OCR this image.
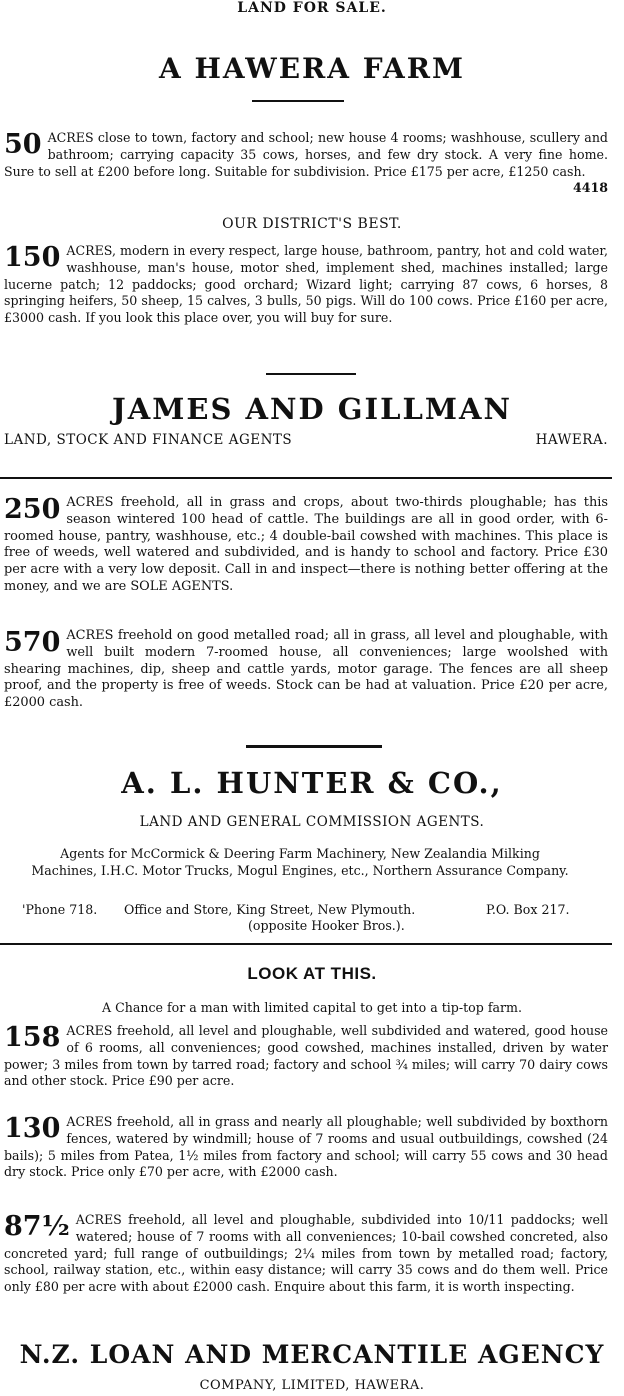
LAND FOR SALE.
A HAWERA FARM
50 ACRES close to town, factory and school; new house 4 rooms; washhouse, scullery and bathroom; carrying capacity 35 cows, horses, and few dry stock. A very fine home. Sure to sell at £200 before long. Suitable for subdivision. Price £175 per acre, £1250 cash.
4418
OUR DISTRICT'S BEST.
150 ACRES, modern in every respect, large house, bathroom, pantry, hot and cold water, washhouse, man's house, motor shed, implement shed, machines installed; large lucerne patch; 12 paddocks; good orchard; Wizard light; carrying 87 cows, 6 horses, 8 springing heifers, 50 sheep, 15 calves, 3 bulls, 50 pigs. Will do 100 cows. Price £160 per acre, £3000 cash. If you look this place over, you will buy for sure.
JAMES AND GILLMAN
LAND, STOCK AND FINANCE AGENTS	HAWERA.
250 ACRES freehold, all in grass and crops, about two-thirds ploughable; has this season wintered 100 head of cattle. The buildings are all in good order, with 6-roomed house, pantry, washhouse, etc.; 4 double-bail cowshed with machines. This place is free of weeds, well watered and subdivided, and is handy to school and factory. Price £30 per acre with a very low deposit. Call in and inspect—there is nothing better offering at the money, and we are SOLE AGENTS.
570 ACRES freehold on good metalled road; all in grass, all level and ploughable, with well built modern 7-roomed house, all conveniences; large woolshed with shearing machines, dip, sheep and cattle yards, motor garage. The fences are all sheep proof, and the property is free of weeds. Stock can be had at valuation. Price £20 per acre, £2000 cash.
A. L. HUNTER & CO.,
LAND AND GENERAL COMMISSION AGENTS.
Agents for McCormick & Deering Farm Machinery, New Zealandia Milking Machines, I.H.C. Motor Trucks, Mogul Engines, etc., Northern Assurance Company.
'Phone 718. Office and Store, King Street, New Plymouth.	P.O. Box 217.
(opposite Hooker Bros.).
LOOK AT THIS.
A Chance for a man with limited capital to get into a tip-top farm.
158 ACRES freehold, all level and ploughable, well subdivided and watered, good house of 6 rooms, all conveniences; good cowshed, machines installed, driven by water power; 3 miles from town by tarred road; factory and school ¾ miles; will carry 70 dairy cows and other stock. Price £90 per acre.
130 ACRES freehold, all in grass and nearly all ploughable; well subdivided by boxthorn fences, watered by windmill; house of 7 rooms and usual outbuildings, cowshed (24 bails); 5 miles from Patea, 1½ miles from factory and school; will carry 55 cows and 30 head dry stock. Price only £70 per acre, with £2000 cash.
87½ ACRES freehold, all level and ploughable, subdivided into 10/11 paddocks; well watered; house of 7 rooms with all conveniences; 10-bail cowshed concreted, also concreted yard; full range of outbuildings; 2¼ miles from town by metalled road; factory, school, railway station, etc., within easy distance; will carry 35 cows and do them well. Price only £80 per acre with about £2000 cash. Enquire about this farm, it is worth inspecting.
N.Z. LOAN AND MERCANTILE AGENCY
COMPANY, LIMITED, HAWERA.
